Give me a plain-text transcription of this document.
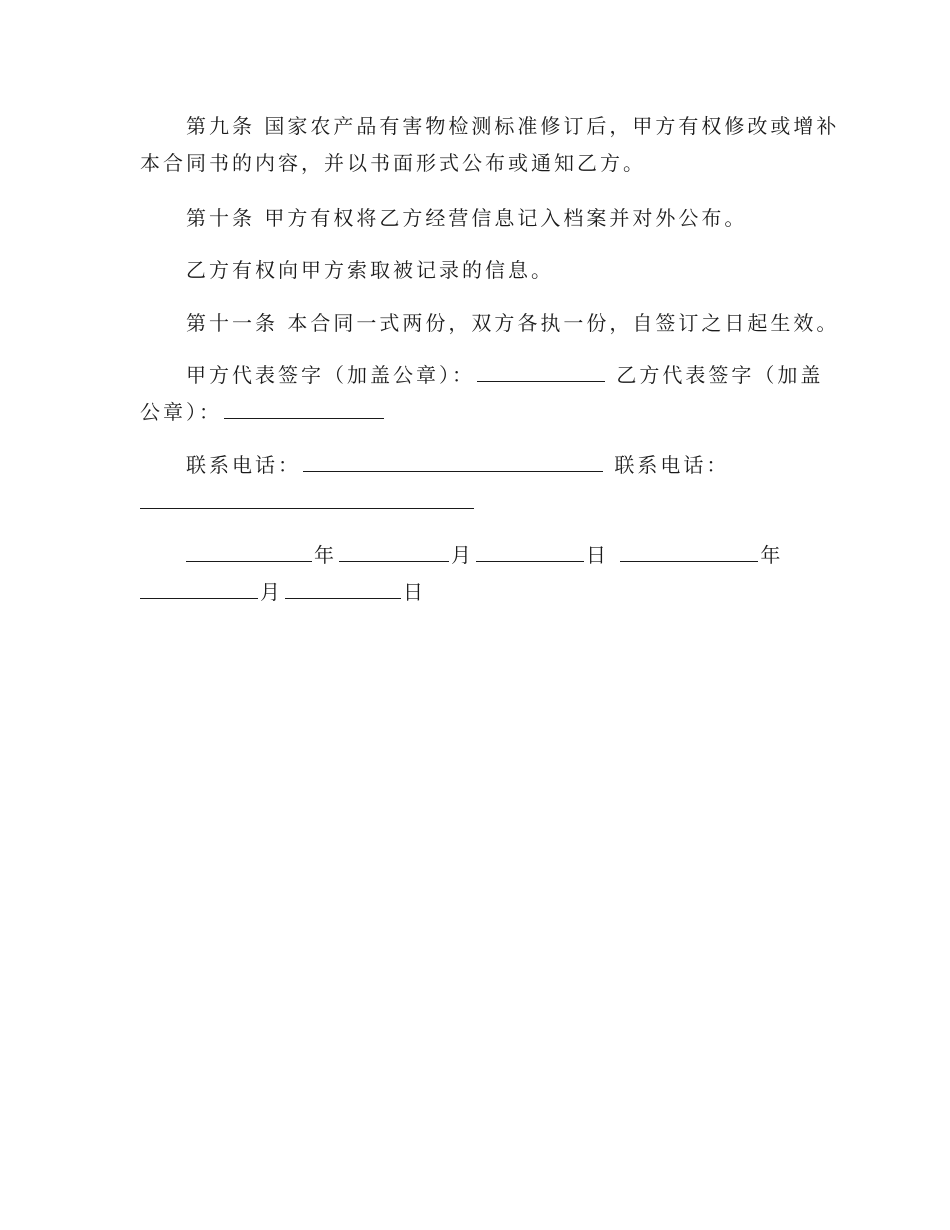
第九条 国家农产品有害物检测标准修订后，甲方有权修改或增补
本合同书的内容，并以书面形式公布或通知乙方。
第十条 甲方有权将乙方经营信息记入档案并对外公布。
乙方有权向甲方索取被记录的信息。
第十一条 本合同一式两份，双方各执一份，自签订之日起生效。
甲方代表签字（加盖公章）：	乙方代表签字（加盖
公章）：
联系电话：	联系电话：
年	月	日	年
月	日
